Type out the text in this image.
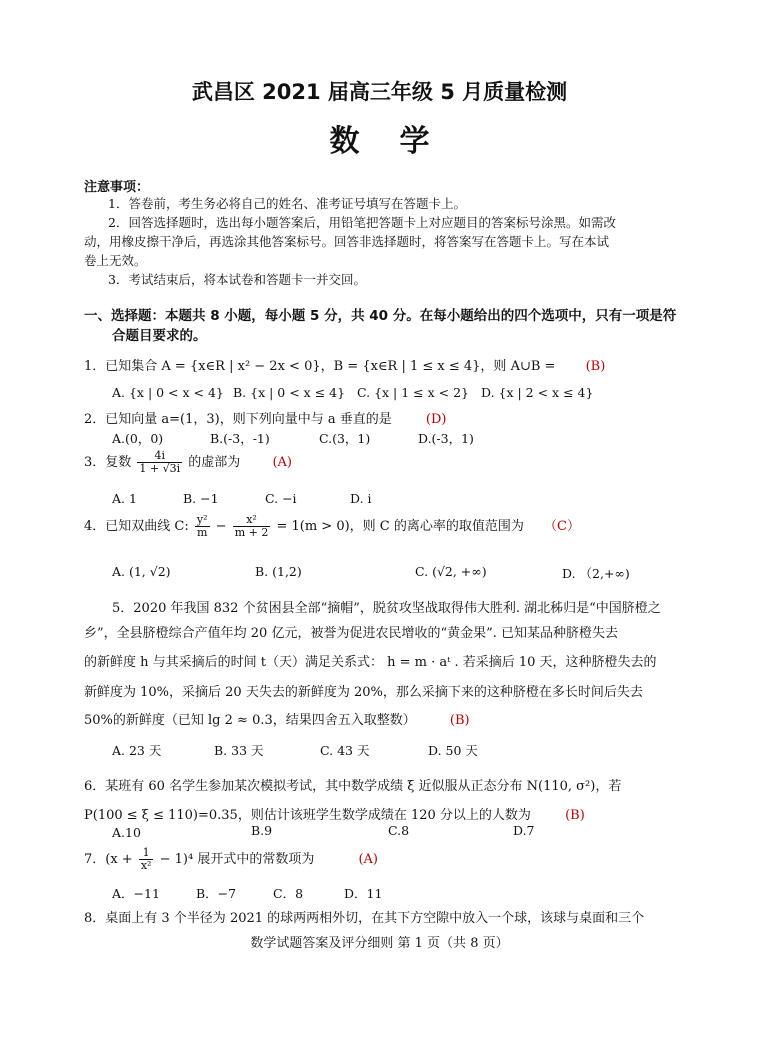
武昌区 2021 届高三年级 5 月质量检测
数学
注意事项：
1．答卷前，考生务必将自己的姓名、准考证号填写在答题卡上。
2．回答选择题时，选出每小题答案后，用铅笔把答题卡上对应题目的答案标号涂黑。如需改
动，用橡皮擦干净后，再选涂其他答案标号。回答非选择题时，将答案写在答题卡上。写在本试
卷上无效。
3．考试结束后，将本试卷和答题卡一并交回。
一、选择题：本题共 8 小题，每小题 5 分，共 40 分。在每小题给出的四个选项中，只有一项是符
合题目要求的。
1．已知集合 A = {x∈R | x² − 2x < 0}，B = {x∈R | 1 ≤ x ≤ 4}，则 A∪B = (B)
A. {x | 0 < x < 4} B. {x | 0 < x ≤ 4} C. {x | 1 ≤ x < 2} D. {x | 2 < x ≤ 4}
2．已知向量 a=(1，3)，则下列向量中与 a 垂直的是	(D)
A.(0，0)	B.(-3，-1)	C.(3，1)	D.(-3，1)
3．复数 $\frac{4i}{1 + √3i}$ 的虚部为 (A)
A. 1	B. −1	C. −i	D. i
4．已知双曲线 C: $\frac{\text{y²}}{m} - \frac{\text{x²}}{m + 2} = 1(m > 0)$，则 C 的离心率的取值范围为 （C）
A. (1, √2)	B. (1,2)	C. (√2, +∞)	D. （2,+∞)
5．2020 年我国 832 个贫困县全部“摘帽”，脱贫攻坚战取得伟大胜利. 湖北秭归是“中国脐橙之
乡”，全县脐橙综合产值年均 20 亿元，被誉为促进农民增收的“黄金果”. 已知某品种脐橙失去
的新鲜度 h 与其采摘后的时间 t（天）满足关系式： h = m · aᵗ . 若采摘后 10 天，这种脐橙失去的
新鲜度为 10%，采摘后 20 天失去的新鲜度为 20%，那么采摘下来的这种脐橙在多长时间后失去
50%的新鲜度（已知 lg 2 ≈ 0.3，结果四舍五入取整数）	(B)
A. 23 天	B. 33 天	C. 43 天	D. 50 天
6．某班有 60 名学生参加某次模拟考试，其中数学成绩 ξ 近似服从正态分布 N(110, σ²)，若
P(100 ≤ ξ ≤ 110)=0.35，则估计该班学生数学成绩在 120 分以上的人数为	(B)
A.10	B.9	C.8	D.7
7．$(x + \frac{1}{\text{x²}} - 1)^4$ 展开式中的常数项为	(A)
A．−11	B．−7	C．8	D．11
8．桌面上有 3 个半径为 2021 的球两两相外切，在其下方空隙中放入一个球，该球与桌面和三个
数学试题答案及评分细则 第 1 页（共 8 页）
